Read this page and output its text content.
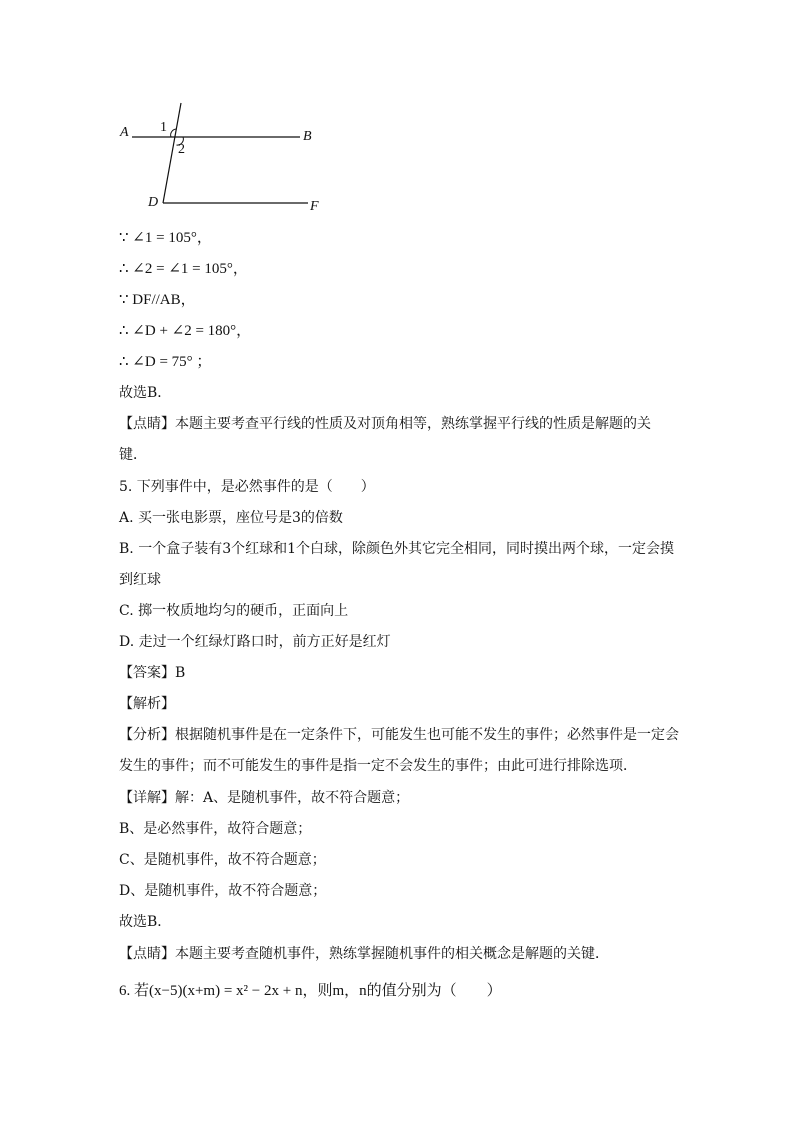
A	B
D	F
1
2
∵ ∠1 = 105°，
∴ ∠2 = ∠1 = 105°，
∵ DF//AB，
∴ ∠D + ∠2 = 180°，
∴ ∠D = 75° ；
故选B．
【点睛】本题主要考查平行线的性质及对顶角相等，熟练掌握平行线的性质是解题的关
键．
5. 下列事件中，是必然事件的是（　　）
A. 买一张电影票，座位号是3的倍数
B. 一个盒子装有3个红球和1个白球，除颜色外其它完全相同，同时摸出两个球，一定会摸
到红球
C. 掷一枚质地均匀的硬币，正面向上
D. 走过一个红绿灯路口时，前方正好是红灯
【答案】B
【解析】
【分析】根据随机事件是在一定条件下，可能发生也可能不发生的事件；必然事件是一定会
发生的事件；而不可能发生的事件是指一定不会发生的事件；由此可进行排除选项．
【详解】解：A、是随机事件，故不符合题意；
B、是必然事件，故符合题意；
C、是随机事件，故不符合题意；
D、是随机事件，故不符合题意；
故选B．
【点睛】本题主要考查随机事件，熟练掌握随机事件的相关概念是解题的关键．
6. 若(x−5)(x+m) = x² − 2x + n，则m，n的值分别为（　　）
